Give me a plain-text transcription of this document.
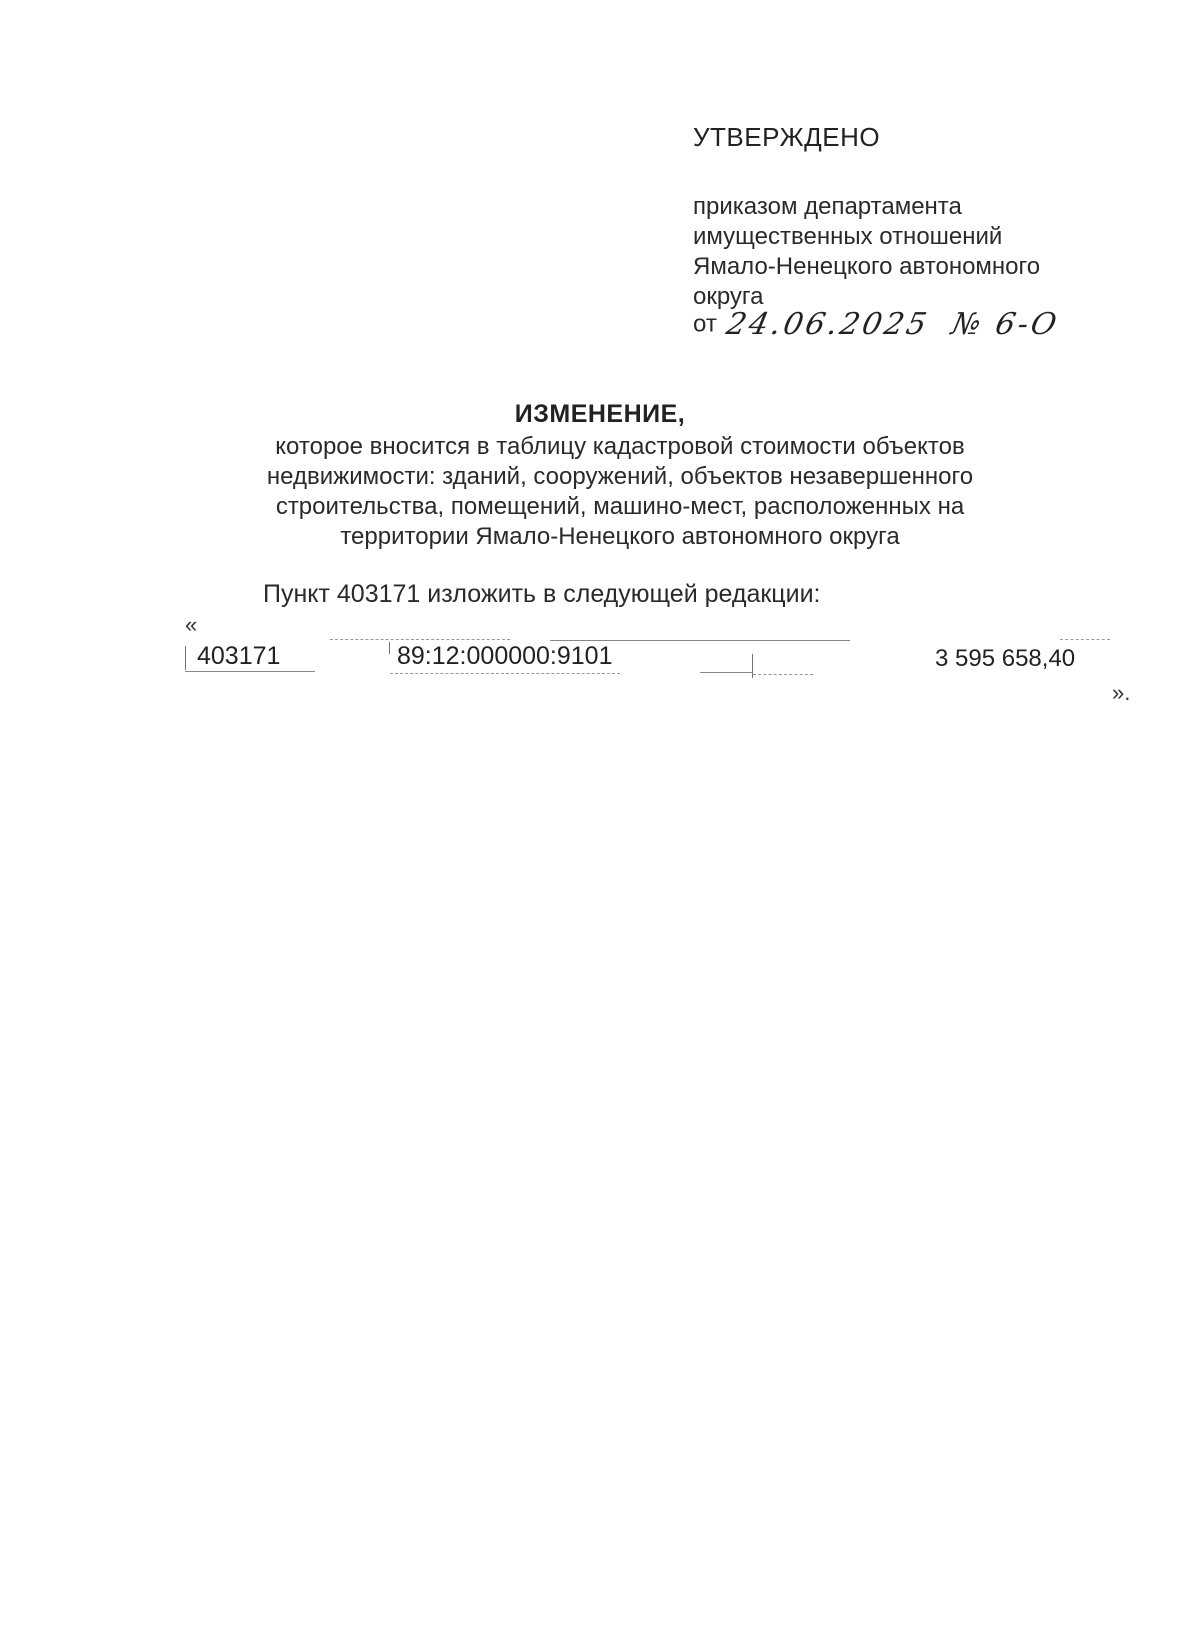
УТВЕРЖДЕНО
приказом департамента
имущественных отношений
Ямало-Ненецкого автономного
округа
от 24.06.2025 № 6-О
ИЗМЕНЕНИЕ,
которое вносится в таблицу кадастровой стоимости объектов
недвижимости: зданий, сооружений, объектов незавершенного
строительства, помещений, машино-мест, расположенных на
территории Ямало-Ненецкого автономного округа
Пункт 403171 изложить в следующей редакции:
«
403171	89:12:000000:9101	3 595 658,40
».
